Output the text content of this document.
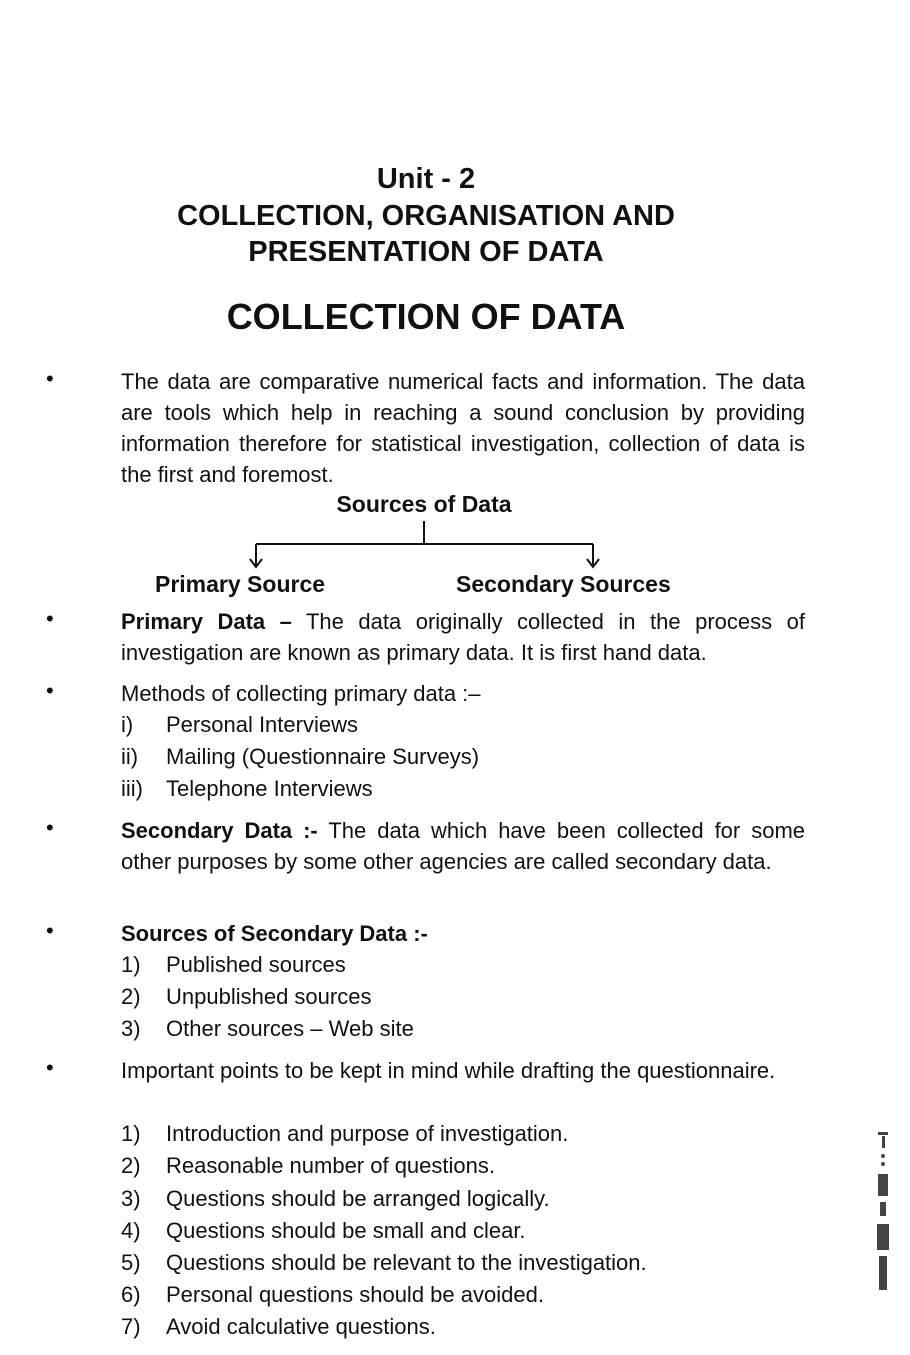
Unit - 2
COLLECTION, ORGANISATION AND
PRESENTATION OF DATA
COLLECTION OF DATA
•	The data are comparative numerical facts and information. The data are tools which help in reaching a sound conclusion by providing information therefore for statistical investigation, collection of data is the first and foremost.
Sources of Data
Primary Source	Secondary Sources
•	Primary Data – The data originally collected in the process of investigation are known as primary data. It is first hand data.
•	Methods of collecting primary data :–
i) Personal Interviews
ii) Mailing (Questionnaire Surveys)
iii) Telephone Interviews
•	Secondary Data :- The data which have been collected for some other purposes by some other agencies are called secondary data.
•	Sources of Secondary Data :-
1) Published sources
2) Unpublished sources
3) Other sources – Web site
•	Important points to be kept in mind while drafting the questionnaire.
1) Introduction and purpose of investigation.
2) Reasonable number of questions.
3) Questions should be arranged logically.
4) Questions should be small and clear.
5) Questions should be relevant to the investigation.
6) Personal questions should be avoided.
7) Avoid calculative questions.
